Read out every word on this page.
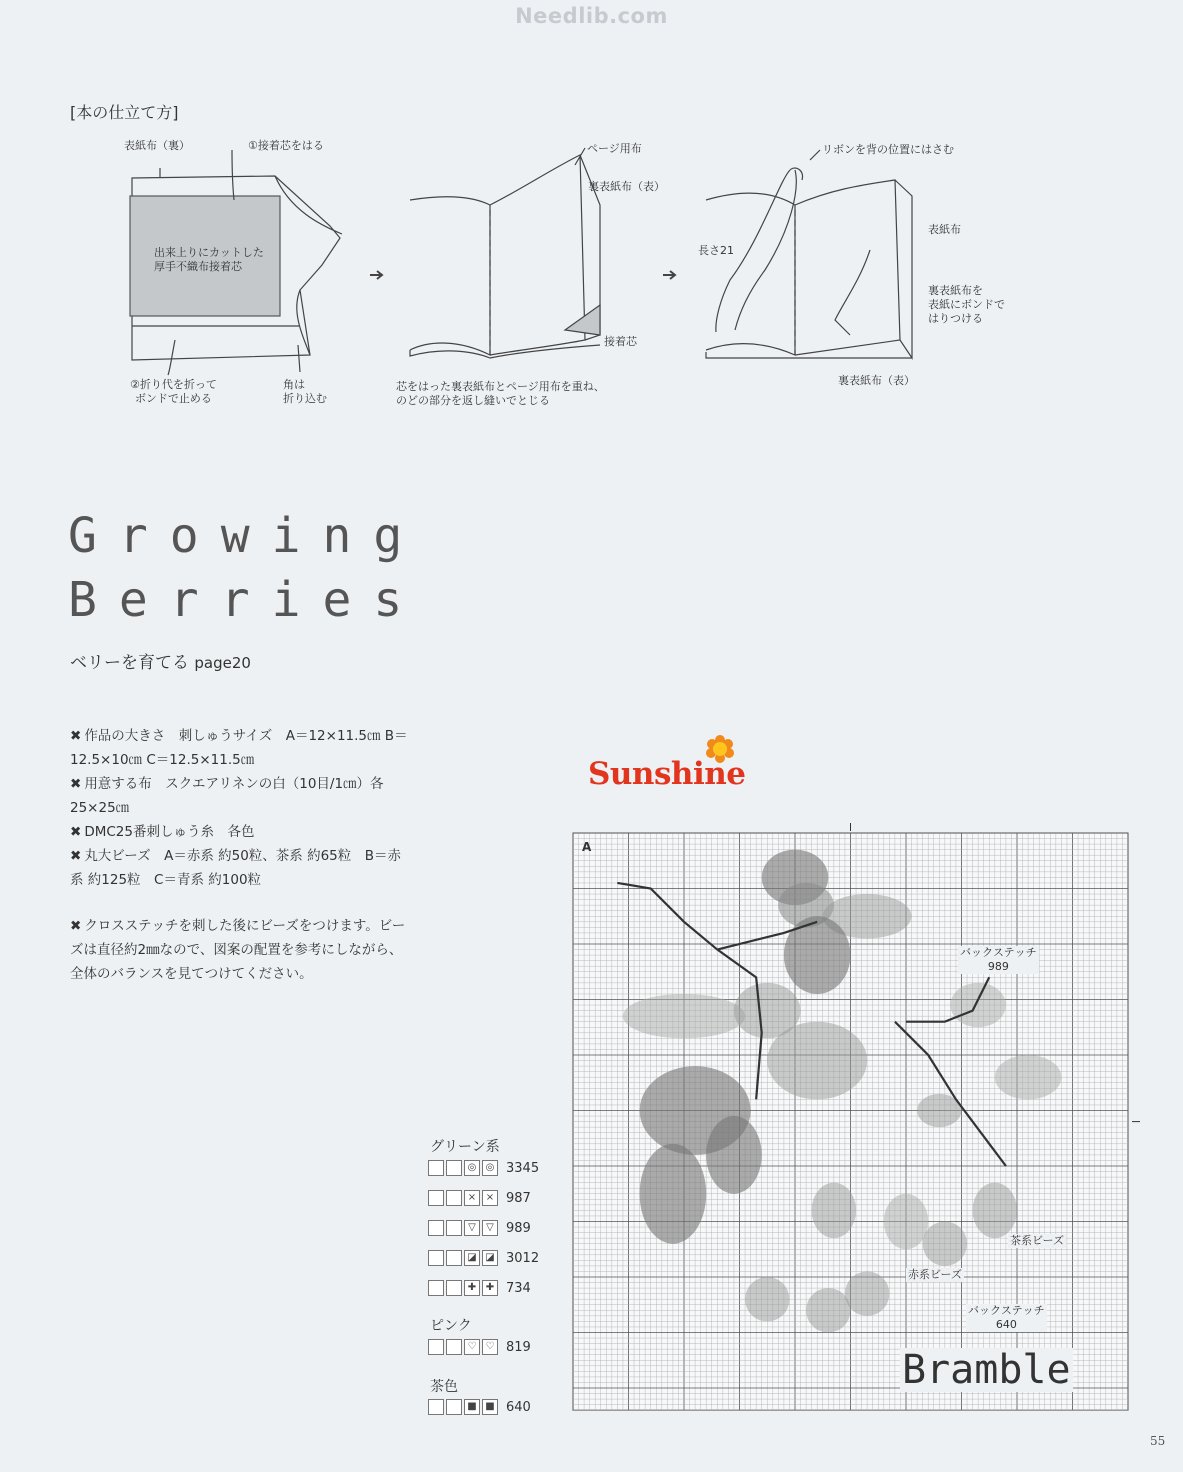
Needlib.com
[本の仕立て方]
表紙布（裏）	①接着芯をはる
出来上りにカットした
厚手不織布接着芯
②折り代を折って
ボンドで止める
角は
折り込む
ページ用布
裏表紙布（表）
接着芯
芯をはった裏表紙布とページ用布を重ね、
のどの部分を返し縫いでとじる
リボンを背の位置にはさむ
表紙布
長さ21
裏表紙布を
表紙にボンドで
はりつける
裏表紙布（表）
Growing
Berries
ベリーを育てる page20

✖ 作品の大きさ　刺しゅうサイズ　A＝12×11.5㎝ B＝12.5×10㎝ C＝12.5×11.5㎝

✖ 用意する布　スクエアリネンの白（10目/1㎝）各25×25㎝

✖ DMC25番刺しゅう糸　各色

✖ 丸大ビーズ　A＝赤系 約50粒、茶系 約65粒　B＝赤系 約125粒　C＝青系 約100粒

✖ クロスステッチを刺した後にビーズをつけます。ビーズは直径約2㎜なので、図案の配置を参考にしながら、全体のバランスを見てつけてください。
Sunshine
A
バックステッチ
989
茶系ビーズ
赤系ビーズ
バックステッチ
640
Bramble
グリーン系
ピンク
茶色
◎ ◎ 3345
× × 987
▽	▽ 989
◪ ◪ 3012
✚ ✚ 734
♡ ♡ 819
■ ■ 640
55
